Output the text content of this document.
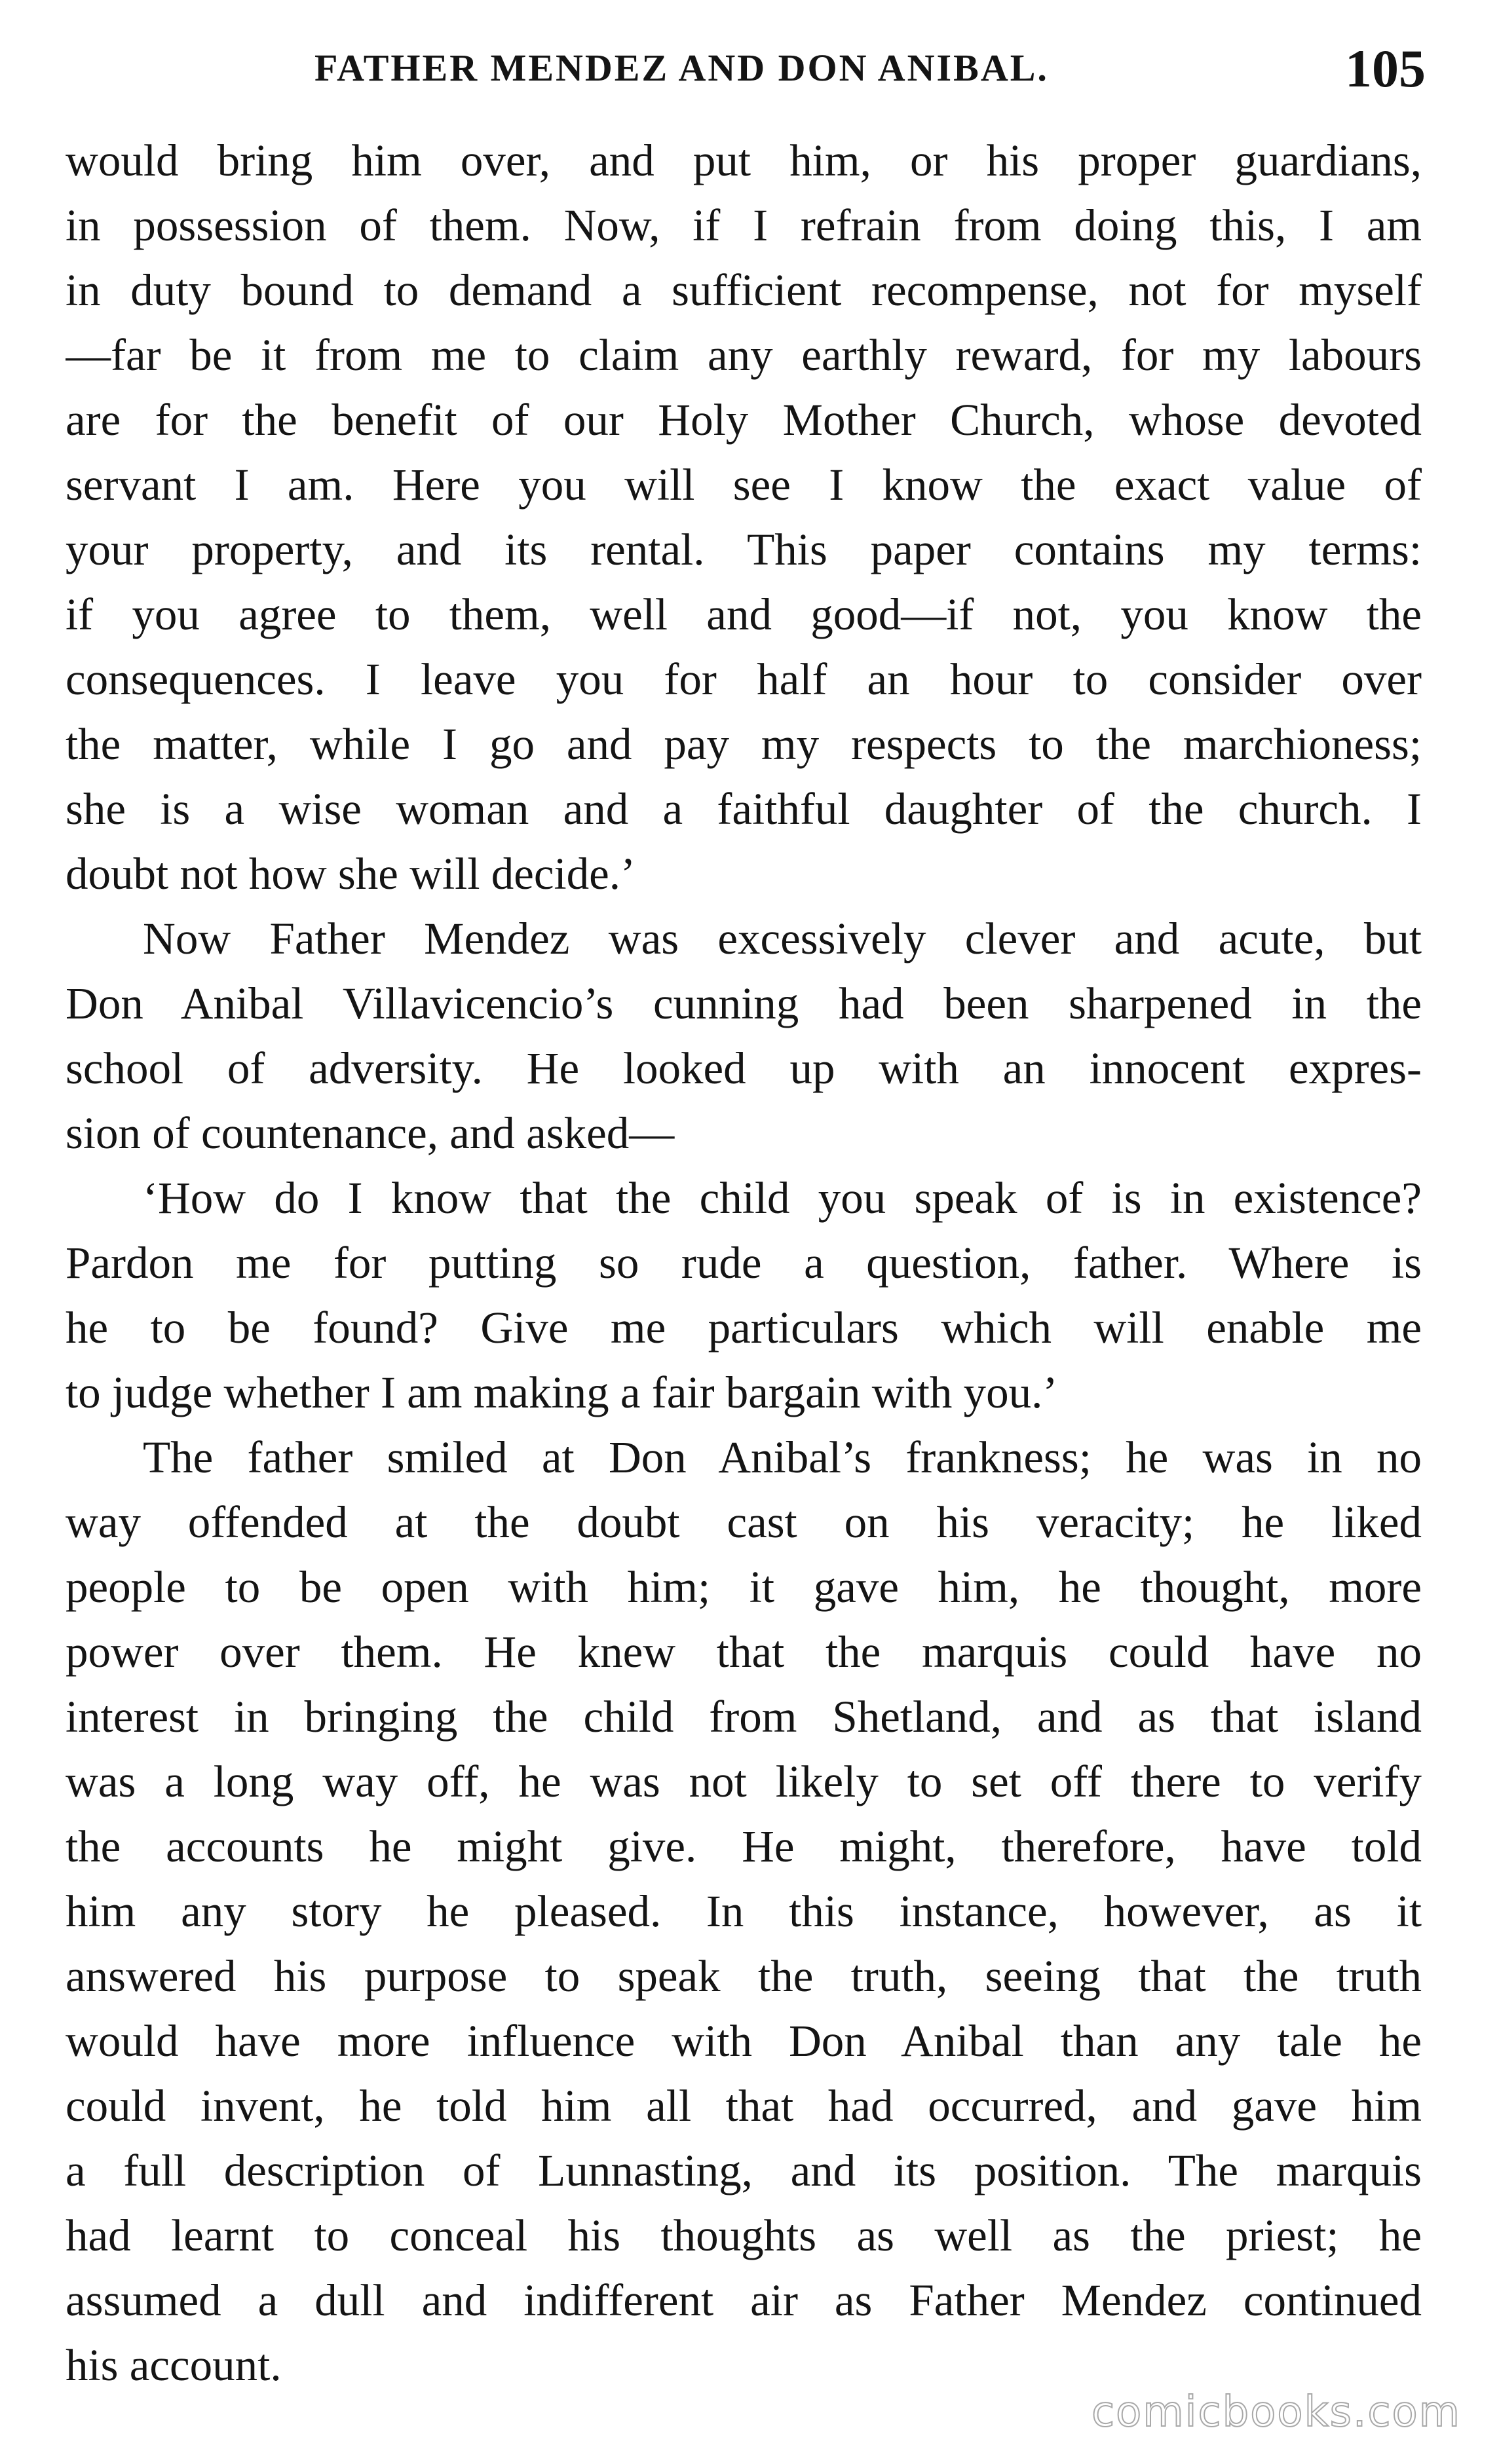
FATHER MENDEZ AND DON ANIBAL.	105
would bring him over, and put him, or his proper guardians,
in possession of them. Now, if I refrain from doing this, I am
in duty bound to demand a sufficient recompense, not for myself
—far be it from me to claim any earthly reward, for my labours
are for the benefit of our Holy Mother Church, whose devoted
servant I am. Here you will see I know the exact value of
your property, and its rental. This paper contains my terms:
if you agree to them, well and good—if not, you know the
consequences. I leave you for half an hour to consider over
the matter, while I go and pay my respects to the marchioness;
she is a wise woman and a faithful daughter of the church. I
doubt not how she will decide.’
Now Father Mendez was excessively clever and acute, but
Don Anibal Villavicencio’s cunning had been sharpened in the
school of adversity. He looked up with an innocent expres-
sion of countenance, and asked—
‘How do I know that the child you speak of is in existence?
Pardon me for putting so rude a question, father. Where is
he to be found? Give me particulars which will enable me
to judge whether I am making a fair bargain with you.’
The father smiled at Don Anibal’s frankness; he was in no
way offended at the doubt cast on his veracity; he liked
people to be open with him; it gave him, he thought, more
power over them. He knew that the marquis could have no
interest in bringing the child from Shetland, and as that island
was a long way off, he was not likely to set off there to verify
the accounts he might give. He might, therefore, have told
him any story he pleased. In this instance, however, as it
answered his purpose to speak the truth, seeing that the truth
would have more influence with Don Anibal than any tale he
could invent, he told him all that had occurred, and gave him
a full description of Lunnasting, and its position. The marquis
had learnt to conceal his thoughts as well as the priest; he
assumed a dull and indifferent air as Father Mendez continued
his account.
comicbooks.com
